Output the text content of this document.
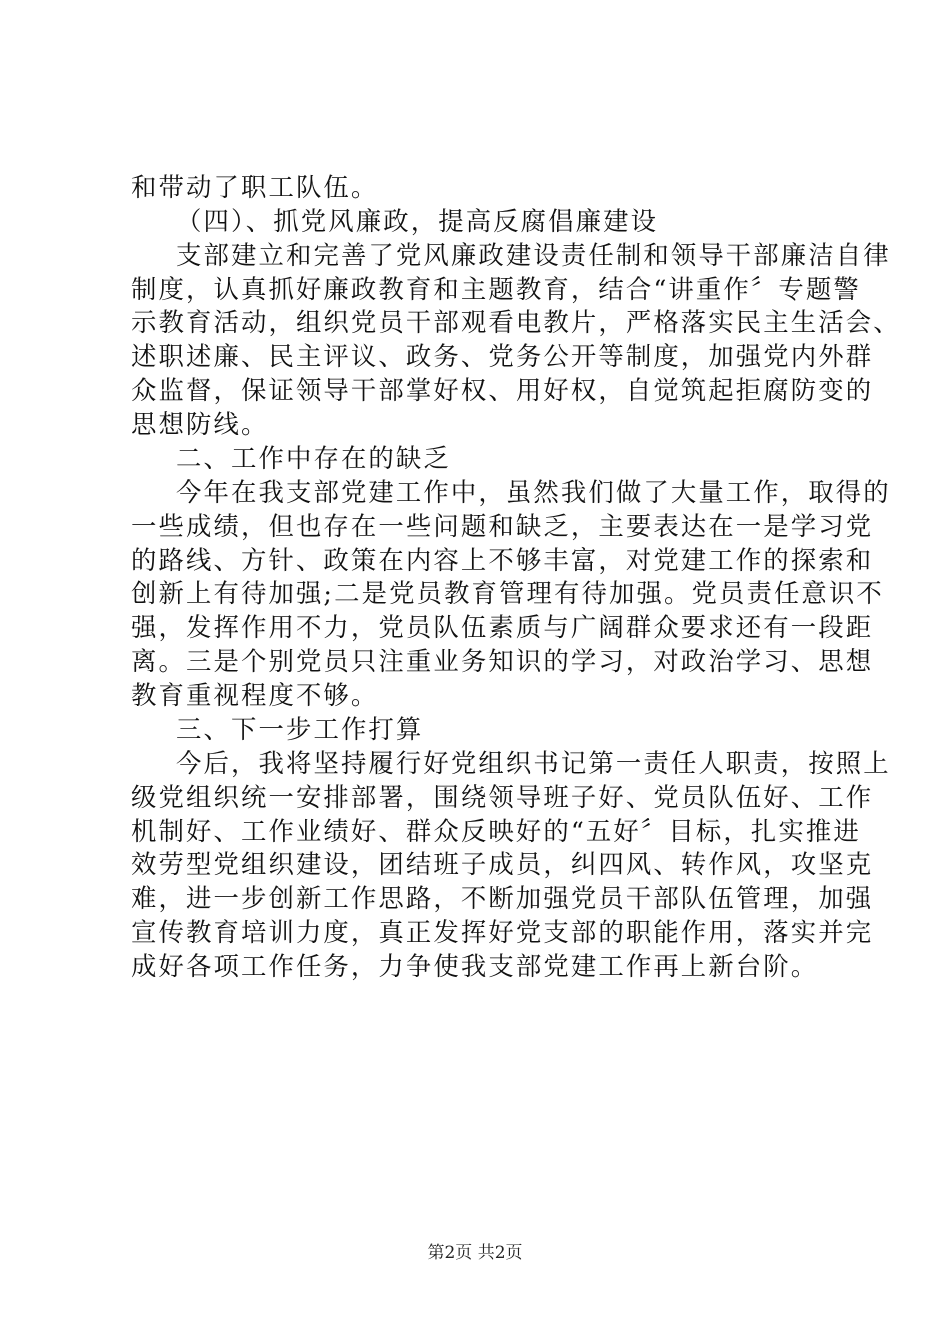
和带动了职工队伍。
（四）、抓党风廉政，提高反腐倡廉建设
支部建立和完善了党风廉政建设责任制和领导干部廉洁自律
制度，认真抓好廉政教育和主题教育，结合“讲重作〞专题警
示教育活动，组织党员干部观看电教片，严格落实民主生活会、
述职述廉、民主评议、政务、党务公开等制度，加强党内外群
众监督，保证领导干部掌好权、用好权，自觉筑起拒腐防变的
思想防线。
二、工作中存在的缺乏
今年在我支部党建工作中，虽然我们做了大量工作，取得的
一些成绩，但也存在一些问题和缺乏，主要表达在一是学习党
的路线、方针、政策在内容上不够丰富，对党建工作的探索和
创新上有待加强;二是党员教育管理有待加强。党员责任意识不
强，发挥作用不力，党员队伍素质与广阔群众要求还有一段距
离。三是个别党员只注重业务知识的学习，对政治学习、思想
教育重视程度不够。
三、下一步工作打算
今后，我将坚持履行好党组织书记第一责任人职责，按照上
级党组织统一安排部署，围绕领导班子好、党员队伍好、工作
机制好、工作业绩好、群众反映好的“五好〞目标，扎实推进
效劳型党组织建设，团结班子成员，纠四风、转作风，攻坚克
难，进一步创新工作思路，不断加强党员干部队伍管理，加强
宣传教育培训力度，真正发挥好党支部的职能作用，落实并完
成好各项工作任务，力争使我支部党建工作再上新台阶。
第2页 共2页
